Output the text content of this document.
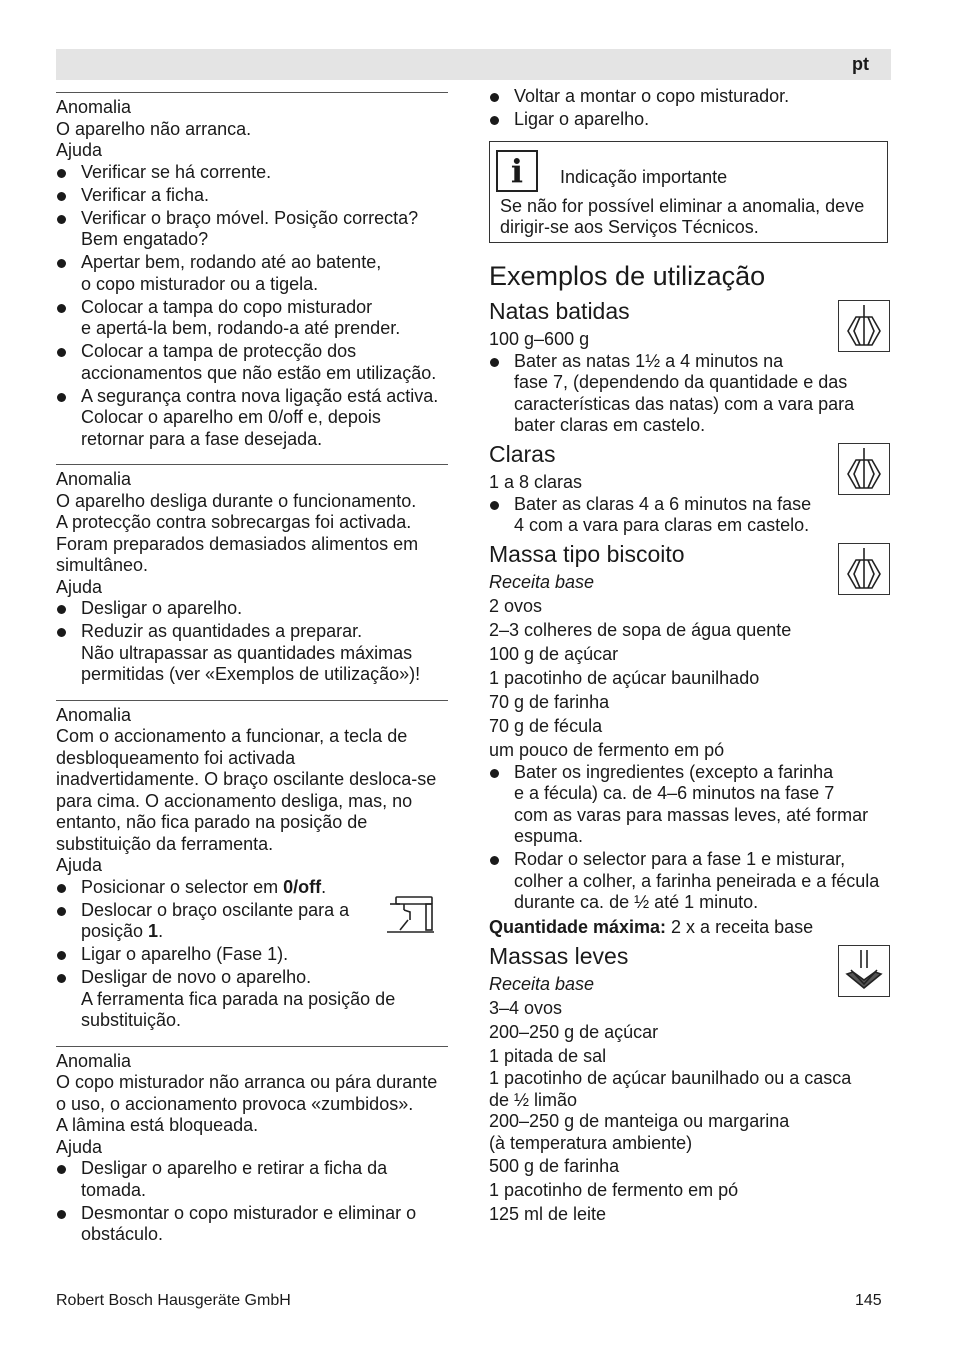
pt
Anomalia

O aparelho não arranca.

Ajuda
Verificar se há corrente.
Verificar a ficha.
Verificar o braço móvel. Posição correcta?
Bem engatado?
Apertar bem, rodando até ao batente,
o copo misturador ou a tigela.
Colocar a tampa do copo misturador
e apertá-la bem, rodando-a até prender.
Colocar a tampa de protecção dos
accionamentos que não estão em utilização.
A segurança contra nova ligação está activa.
Colocar o aparelho em 0/off e, depois
retornar para a fase desejada.
Anomalia

O aparelho desliga durante o funcionamento.

A protecção contra sobrecargas foi activada.

Foram preparados demasiados alimentos em

simultâneo.

Ajuda
Desligar o aparelho.
Reduzir as quantidades a preparar.
Não ultrapassar as quantidades máximas
permitidas (ver «Exemplos de utilização»)!
Anomalia

Com o accionamento a funcionar, a tecla de

desbloqueamento foi activada

inadvertidamente. O braço oscilante desloca-se

para cima. O accionamento desliga, mas, no

entanto, não fica parado na posição de

substituição da ferramenta.

Ajuda
Posicionar o selector em 0/off.
Deslocar o braço oscilante para a
posição 1.
Ligar o aparelho (Fase 1).
Desligar de novo o aparelho.
A ferramenta fica parada na posição de
substituição.
Anomalia

O copo misturador não arranca ou pára durante

o uso, o accionamento provoca «zumbidos».

A lâmina está bloqueada.

Ajuda
Desligar o aparelho e retirar a ficha da
tomada.
Desmontar o copo misturador e eliminar o
obstáculo.
Voltar a montar o copo misturador.
Ligar o aparelho.
i	Indicação importante
Se não for possível eliminar a anomalia, deve
dirigir-se aos Serviços Técnicos.
Exemplos de utilização
Natas batidas
100 g–600 g
Bater as natas 1½ a 4 minutos na
fase 7, (dependendo da quantidade e das
características das natas) com a vara para
bater claras em castelo.
Claras
1 a 8 claras
Bater as claras 4 a 6 minutos na fase
4 com a vara para claras em castelo.
Massa tipo biscoito
Receita base
2 ovos
2–3 colheres de sopa de água quente
100 g de açúcar
1 pacotinho de açúcar baunilhado
70 g de farinha
70 g de fécula
um pouco de fermento em pó
Bater os ingredientes (excepto a farinha
e a fécula) ca. de 4–6 minutos na fase 7
com as varas para massas leves, até formar
espuma.
Rodar o selector para a fase 1 e misturar,
colher a colher, a farinha peneirada e a fécula
durante ca. de ½ até 1 minuto.
Quantidade máxima: 2 x a receita base
Massas leves
Receita base
3–4 ovos
200–250 g de açúcar
1 pitada de sal
1 pacotinho de açúcar baunilhado ou a casca
de ½ limão
200–250 g de manteiga ou margarina
(à temperatura ambiente)
500 g de farinha
1 pacotinho de fermento em pó
125 ml de leite
Robert Bosch Hausgeräte GmbH	145
